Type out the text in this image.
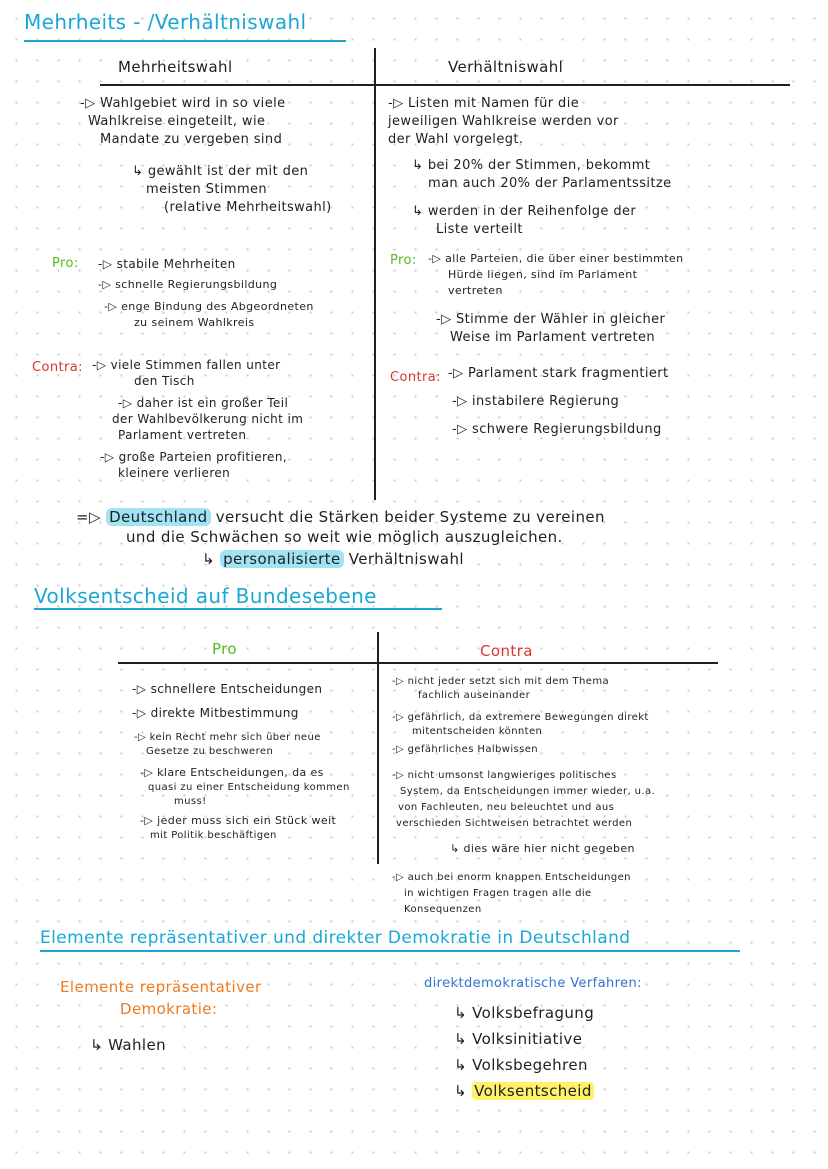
Mehrheits - /Verhältniswahl
Mehrheitswahl	Verhältniswahl
-▷ Wahlgebiet wird in so viele
Wahlkreise eingeteilt, wie
Mandate zu vergeben sind
↳ gewählt ist der mit den
meisten Stimmen
(relative Mehrheitswahl)
-▷ Listen mit Namen für die
jeweiligen Wahlkreise werden vor
der Wahl vorgelegt.
↳ bei 20% der Stimmen, bekommt
man auch 20% der Parlamentssitze
↳ werden in der Reihenfolge der
Liste verteilt
Pro: -▷ stabile Mehrheiten
-▷ schnelle Regierungsbildung
-▷ enge Bindung des Abgeordneten
zu seinem Wahlkreis
Pro: -▷ alle Parteien, die über einer bestimmten
Hürde liegen, sind im Parlament
vertreten
-▷ Stimme der Wähler in gleicher
Weise im Parlament vertreten
Contra: -▷ viele Stimmen fallen unter
den Tisch
-▷ daher ist ein großer Teil
der Wahlbevölkerung nicht im
Parlament vertreten
-▷ große Parteien profitieren,
kleinere verlieren
Contra: -▷ Parlament stark fragmentiert
-▷ instabilere Regierung
-▷ schwere Regierungsbildung
=▷ Deutschland versucht die Stärken beider Systeme zu vereinen
und die Schwächen so weit wie möglich auszugleichen.
↳ personalisierte Verhältniswahl
Volksentscheid auf Bundesebene
Pro	Contra
-▷ schnellere Entscheidungen
-▷ direkte Mitbestimmung
-▷ kein Recht mehr sich über neue
Gesetze zu beschweren
-▷ klare Entscheidungen, da es
quasi zu einer Entscheidung kommen
muss!
-▷ jeder muss sich ein Stück weit
mit Politik beschäftigen
-▷ nicht jeder setzt sich mit dem Thema
fachlich auseinander
-▷ gefährlich, da extremere Bewegungen direkt
mitentscheiden könnten
-▷ gefährliches Halbwissen
-▷ nicht umsonst langwieriges politisches
System, da Entscheidungen immer wieder, u.a.
von Fachleuten, neu beleuchtet und aus
verschieden Sichtweisen betrachtet werden
↳ dies wäre hier nicht gegeben
-▷ auch bei enorm knappen Entscheidungen
in wichtigen Fragen tragen alle die
Konsequenzen
Elemente repräsentativer und direkter Demokratie in Deutschland
Elemente repräsentativer
Demokratie:
↳ Wahlen
direktdemokratische Verfahren:
↳ Volksbefragung
↳ Volksinitiative
↳ Volksbegehren
↳ Volksentscheid
